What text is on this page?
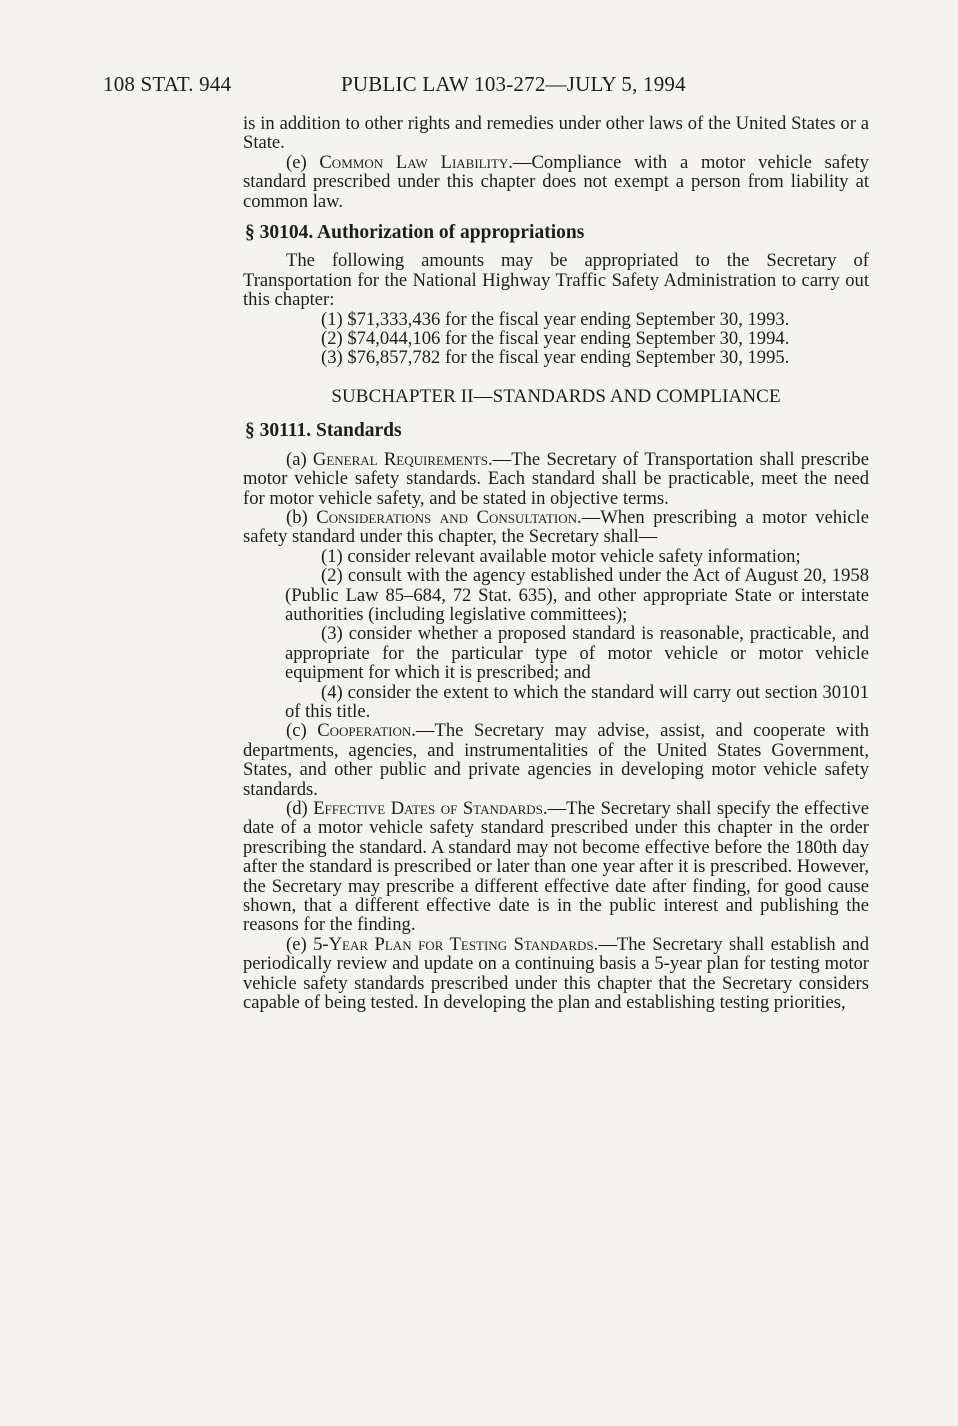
108 STAT. 944	PUBLIC LAW 103-272—JULY 5, 1994

is in addition to other rights and remedies under other laws of the United States or a State.

(e) Common Law Liability.—Compliance with a motor vehicle safety standard prescribed under this chapter does not exempt a person from liability at common law.

§ 30104. Authorization of appropriations

The following amounts may be appropriated to the Secretary of Transportation for the National Highway Traffic Safety Administration to carry out this chapter:

(1) $71,333,436 for the fiscal year ending September 30, 1993.

(2) $74,044,106 for the fiscal year ending September 30, 1994.

(3) $76,857,782 for the fiscal year ending September 30, 1995.

SUBCHAPTER II—STANDARDS AND COMPLIANCE

§ 30111. Standards

(a) General Requirements.—The Secretary of Transportation shall prescribe motor vehicle safety standards. Each standard shall be practicable, meet the need for motor vehicle safety, and be stated in objective terms.

(b) Considerations and Consultation.—When prescribing a motor vehicle safety standard under this chapter, the Secretary shall—

(1) consider relevant available motor vehicle safety information;

(2) consult with the agency established under the Act of August 20, 1958 (Public Law 85–684, 72 Stat. 635), and other appropriate State or interstate authorities (including legislative committees);

(3) consider whether a proposed standard is reasonable, practicable, and appropriate for the particular type of motor vehicle or motor vehicle equipment for which it is prescribed; and

(4) consider the extent to which the standard will carry out section 30101 of this title.

(c) Cooperation.—The Secretary may advise, assist, and cooperate with departments, agencies, and instrumentalities of the United States Government, States, and other public and private agencies in developing motor vehicle safety standards.

(d) Effective Dates of Standards.—The Secretary shall specify the effective date of a motor vehicle safety standard prescribed under this chapter in the order prescribing the standard. A standard may not become effective before the 180th day after the standard is prescribed or later than one year after it is prescribed. However, the Secretary may prescribe a different effective date after finding, for good cause shown, that a different effective date is in the public interest and publishing the reasons for the finding.

(e) 5-Year Plan for Testing Standards.—The Secretary shall establish and periodically review and update on a continuing basis a 5-year plan for testing motor vehicle safety standards prescribed under this chapter that the Secretary considers capable of being tested. In developing the plan and establishing testing priorities,
